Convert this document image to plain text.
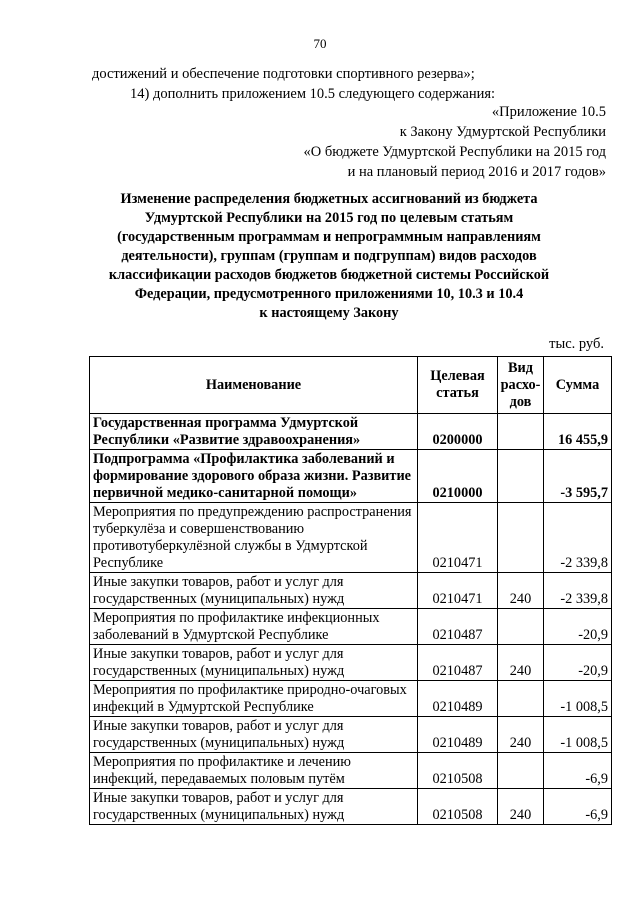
70
достижений и обеспечение подготовки спортивного резерва»;
14) дополнить приложением 10.5 следующего содержания:
«Приложение 10.5
к Закону Удмуртской Республики
«О бюджете Удмуртской Республики на 2015 год
и на плановый период 2016 и 2017 годов»
Изменение распределения бюджетных ассигнований из бюджета
Удмуртской Республики на 2015 год по целевым статьям
(государственным программам и непрограммным направлениям
деятельности), группам (группам и подгруппам) видов расходов
классификации расходов бюджетов бюджетной системы Российской
Федерации, предусмотренного приложениями 10, 10.3 и 10.4
к настоящему Закону
тыс. руб.
Наименование	Целевая статья	Вид расхо-дов	Сумма
Государственная программа Удмуртской Республики «Развитие здравоохранения»	0200000		16 455,9
Подпрограмма «Профилактика заболеваний и формирование здорового образа жизни. Развитие первичной медико-санитарной помощи»	0210000		-3 595,7
Мероприятия по предупреждению распространения туберкулёза и совершенствованию противотуберкулёзной службы в Удмуртской Республике	0210471		-2 339,8
Иные закупки товаров, работ и услуг для государственных (муниципальных) нужд	0210471	240	-2 339,8
Мероприятия по профилактике инфекционных заболеваний в Удмуртской Республике	0210487		-20,9
Иные закупки товаров, работ и услуг для государственных (муниципальных) нужд	0210487	240	-20,9
Мероприятия по профилактике природно-очаговых инфекций в Удмуртской Республике	0210489		-1 008,5
Иные закупки товаров, работ и услуг для государственных (муниципальных) нужд	0210489	240	-1 008,5
Мероприятия по профилактике и лечению инфекций, передаваемых половым путём	0210508		-6,9
Иные закупки товаров, работ и услуг для государственных (муниципальных) нужд	0210508	240	-6,9
